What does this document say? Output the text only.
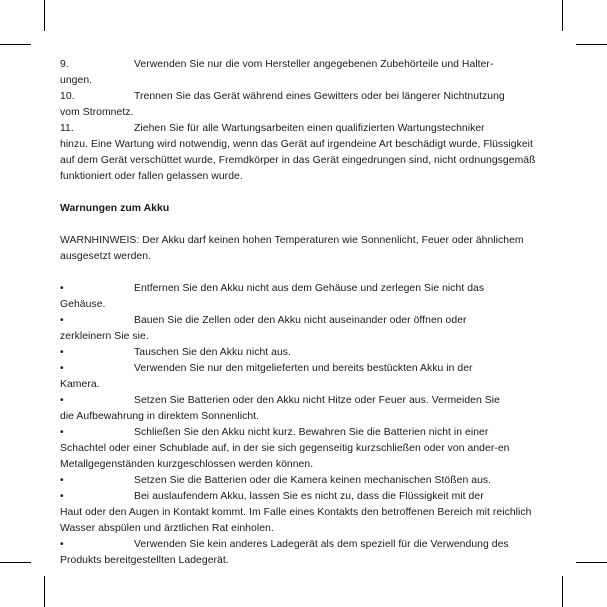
9.	Verwenden Sie nur die vom Hersteller angegebenen Zubehörteile und Halter-
ungen.

10.	Trennen Sie das Gerät während eines Gewitters oder bei längerer Nichtnutzung
vom Stromnetz.

11.	Ziehen Sie für alle Wartungsarbeiten einen qualifizierten Wartungstechniker
hinzu. Eine Wartung wird notwendig, wenn das Gerät auf irgendeine Art beschädigt wurde, Flüssigkeit auf dem Gerät verschüttet wurde, Fremdkörper in das Gerät eingedrungen sind, nicht ordnungsgemäß funktioniert oder fallen gelassen wurde.

Warnungen zum Akku

WARNHINWEIS: Der Akku darf keinen hohen Temperaturen wie Sonnenlicht, Feuer oder ähnlichem ausgesetzt werden.

•	Entfernen Sie den Akku nicht aus dem Gehäuse und zerlegen Sie nicht das
Gehäuse.

•	Bauen Sie die Zellen oder den Akku nicht auseinander oder öffnen oder
zerkleinern Sie sie.

•	Tauschen Sie den Akku nicht aus.

•	Verwenden Sie nur den mitgelieferten und bereits bestückten Akku in der
Kamera.

•	Setzen Sie Batterien oder den Akku nicht Hitze oder Feuer aus. Vermeiden Sie
die Aufbewahrung in direktem Sonnenlicht.

•	Schließen Sie den Akku nicht kurz. Bewahren Sie die Batterien nicht in einer
Schachtel oder einer Schublade auf, in der sie sich gegenseitig kurzschließen oder von ander-en Metallgegenständen kurzgeschlossen werden können.

•	Setzen Sie die Batterien oder die Kamera keinen mechanischen Stößen aus.

•	Bei auslaufendem Akku, lassen Sie es nicht zu, dass die Flüssigkeit mit der
Haut oder den Augen in Kontakt kommt. Im Falle eines Kontakts den betroffenen Bereich mit reichlich Wasser abspülen und ärztlichen Rat einholen.

•	Verwenden Sie kein anderes Ladegerät als dem speziell für die Verwendung des
Produkts bereitgestellten Ladegerät.
